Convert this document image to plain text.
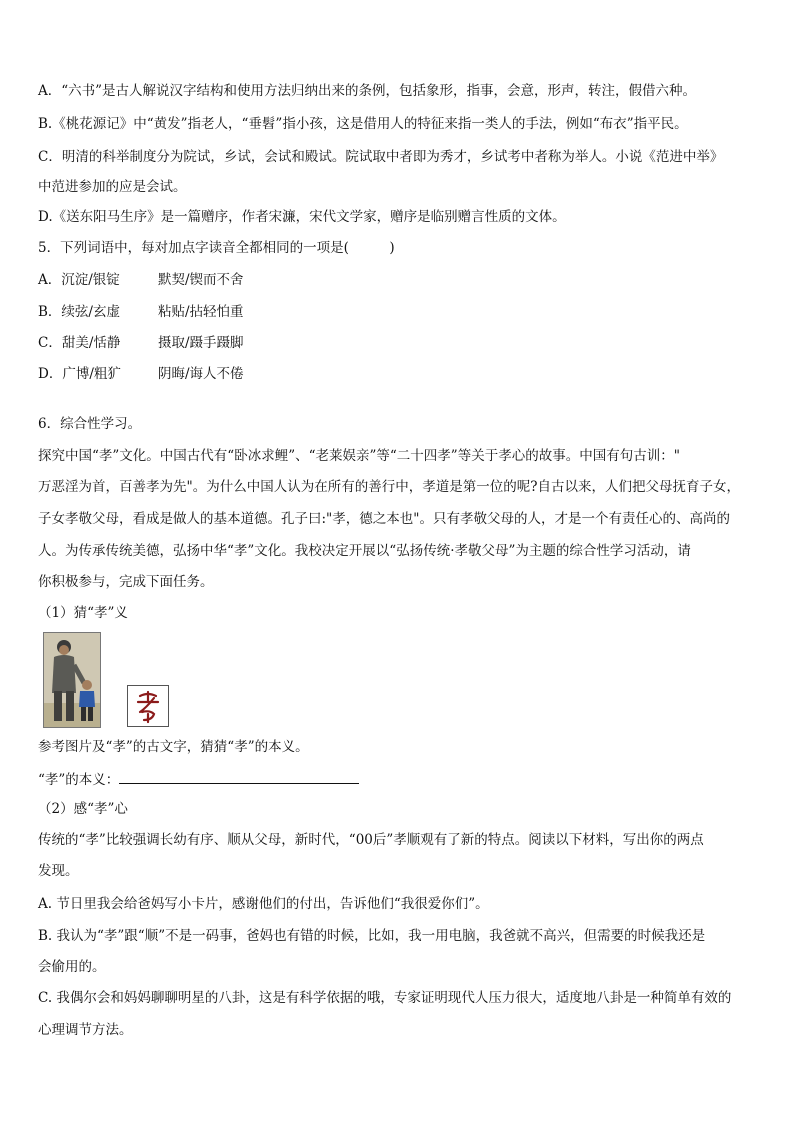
A．“六书”是古人解说汉字结构和使用方法归纳出来的条例，包括象形，指事，会意，形声，转注，假借六种。
B.《桃花源记》中“黄发”指老人，“垂髫”指小孩，这是借用人的特征来指一类人的手法，例如“布衣”指平民。
C．明清的科举制度分为院试，乡试，会试和殿试。院试取中者即为秀才，乡试考中者称为举人。小说《范进中举》
中范进参加的应是会试。
D.《送东阳马生序》是一篇赠序，作者宋濂，宋代文学家，赠序是临别赠言性质的文体。
5．下列词语中，每对加点字读音全都相同的一项是(　　　)
A．沉淀/银锭	默契/锲而不舍
B．续弦/玄虚	粘贴/拈轻怕重
C．甜美/恬静	摄取/蹑手蹑脚
D．广博/粗犷	阴晦/诲人不倦
6．综合性学习。
探究中国“孝”文化。中国古代有“卧冰求鲤”、“老莱娱亲”等“二十四孝”等关于孝心的故事。中国有句古训："
万恶淫为首，百善孝为先"。为什么中国人认为在所有的善行中，孝道是第一位的呢?自古以来，人们把父母抚育子女，
子女孝敬父母，看成是做人的基本道德。孔子曰:"孝，德之本也"。只有孝敬父母的人，才是一个有责任心的、高尚的
人。为传承传统美德，弘扬中华“孝”文化。我校决定开展以“弘扬传统·孝敬父母”为主题的综合性学习活动，请
你积极参与，完成下面任务。
（1）猜“孝”义
参考图片及“孝”的古文字，猜猜“孝”的本义。
“孝”的本义：
（2）感“孝”心
传统的“孝”比较强调长幼有序、顺从父母，新时代，“00后”孝顺观有了新的特点。阅读以下材料，写出你的两点
发现。
A. 节日里我会给爸妈写小卡片，感谢他们的付出，告诉他们“我很爱你们”。
B. 我认为“孝”跟“顺”不是一码事，爸妈也有错的时候，比如，我一用电脑，我爸就不高兴，但需要的时候我还是
会偷用的。
C. 我偶尔会和妈妈聊聊明星的八卦，这是有科学依据的哦，专家证明现代人压力很大，适度地八卦是一种简单有效的
心理调节方法。
